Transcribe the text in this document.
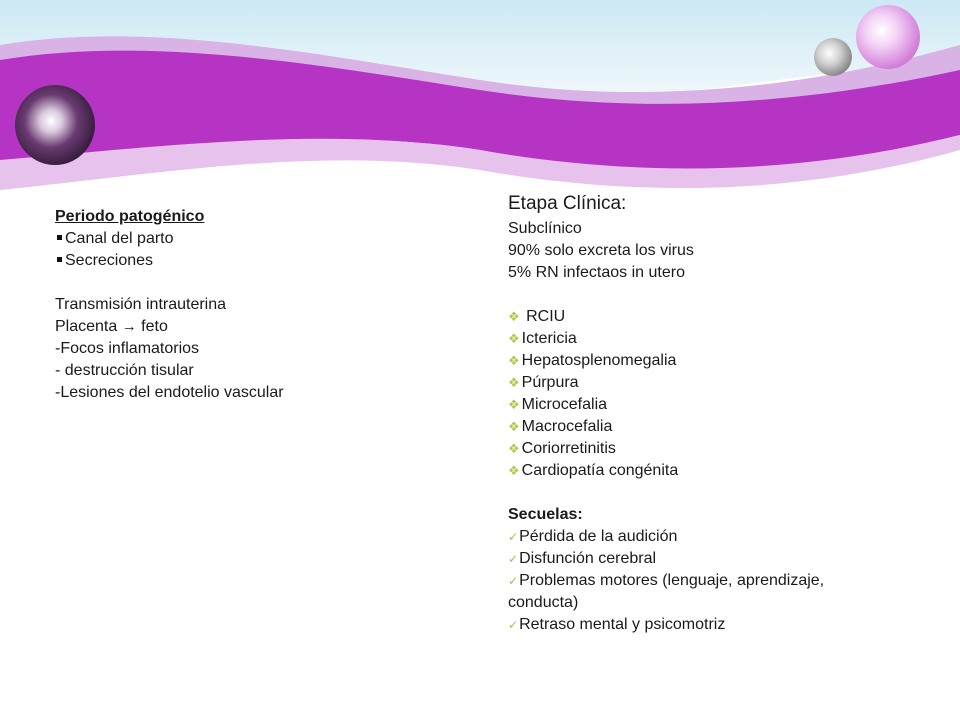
Periodo patogénico
Canal del parto
Secreciones
Transmisión intrauterina
Placenta → feto
-Focos inflamatorios
- destrucción tisular
-Lesiones del endotelio vascular
Etapa Clínica:
Subclínico
90% solo excreta los virus
5% RN infectaos in utero
❖ RCIU
❖ Ictericia
❖ Hepatosplenomegalia
❖ Púrpura
❖ Microcefalia
❖ Macrocefalia
❖ Coriorretinitis
❖ Cardiopatía congénita
Secuelas:
✓Pérdida de la audición
✓Disfunción cerebral
✓Problemas motores (lenguaje, aprendizaje,
conducta)
✓Retraso mental y psicomotriz
